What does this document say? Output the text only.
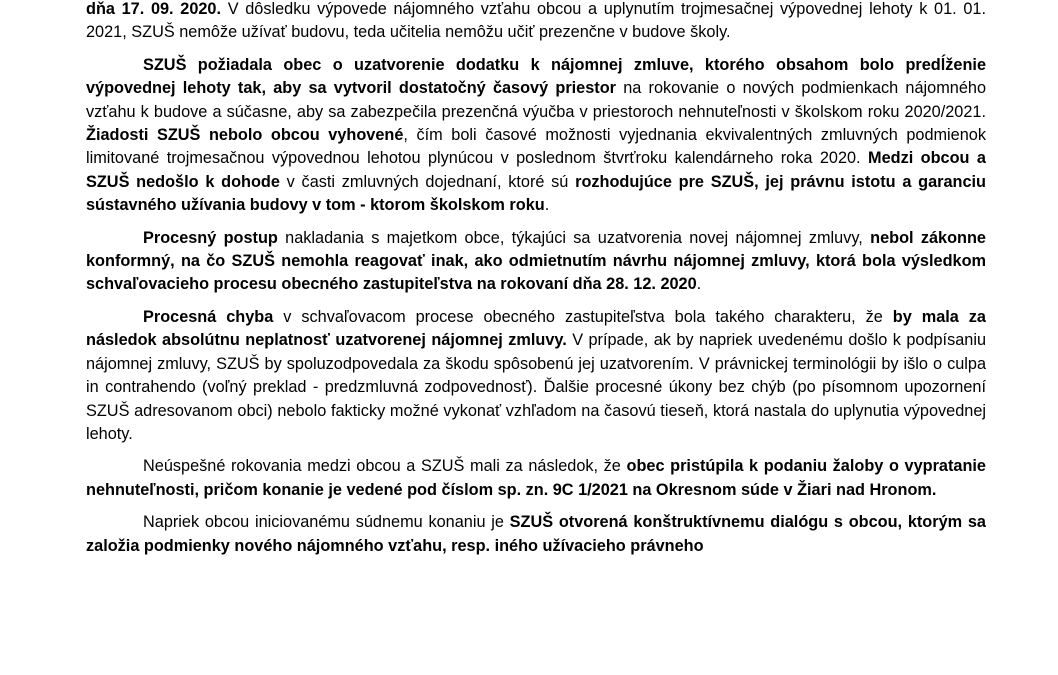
dňa 17. 09. 2020. V dôsledku výpovede nájomného vzťahu obcou a uplynutím trojmesačnej výpovednej lehoty k 01. 01. 2021, SZUŠ nemôže užívať budovu, teda učitelia nemôžu učiť prezenčne v budove školy.

SZUŠ požiadala obec o uzatvorenie dodatku k nájomnej zmluve, ktorého obsahom bolo predĺženie výpovednej lehoty tak, aby sa vytvoril dostatočný časový priestor na rokovanie o nových podmienkach nájomného vzťahu k budove a súčasne, aby sa zabezpečila prezenčná výučba v priestoroch nehnuteľnosti v školskom roku 2020/2021. Žiadosti SZUŠ nebolo obcou vyhovené, čím boli časové možnosti vyjednania ekvivalentných zmluvných podmienok limitované trojmesačnou výpovednou lehotou plynúcou v poslednom štvrťroku kalendárneho roka 2020. Medzi obcou a SZUŠ nedošlo k dohode v časti zmluvných dojednaní, ktoré sú rozhodujúce pre SZUŠ, jej právnu istotu a garanciu sústavného užívania budovy v tom - ktorom školskom roku.

Procesný postup nakladania s majetkom obce, týkajúci sa uzatvorenia novej nájomnej zmluvy, nebol zákonne konformný, na čo SZUŠ nemohla reagovať inak, ako odmietnutím návrhu nájomnej zmluvy, ktorá bola výsledkom schvaľovacieho procesu obecného zastupiteľstva na rokovaní dňa 28. 12. 2020.

Procesná chyba v schvaľovacom procese obecného zastupiteľstva bola takého charakteru, že by mala za následok absolútnu neplatnosť uzatvorenej nájomnej zmluvy. V prípade, ak by napriek uvedenému došlo k podpísaniu nájomnej zmluvy, SZUŠ by spoluzodpovedala za škodu spôsobenú jej uzatvorením. V právnickej terminológii by išlo o culpa in contrahendo (voľný preklad - predzmluvná zodpovednosť). Ďalšie procesné úkony bez chýb (po písomnom upozornení SZUŠ adresovanom obci) nebolo fakticky možné vykonať vzhľadom na časovú tieseň, ktorá nastala do uplynutia výpovednej lehoty.

Neúspešné rokovania medzi obcou a SZUŠ mali za následok, že obec pristúpila k podaniu žaloby o vypratanie nehnuteľnosti, pričom konanie je vedené pod číslom sp. zn. 9C 1/2021 na Okresnom súde v Žiari nad Hronom.

Napriek obcou iniciovanému súdnemu konaniu je SZUŠ otvorená konštruktívnemu dialógu s obcou, ktorým sa založia podmienky nového nájomného vzťahu, resp. iného užívacieho právneho
